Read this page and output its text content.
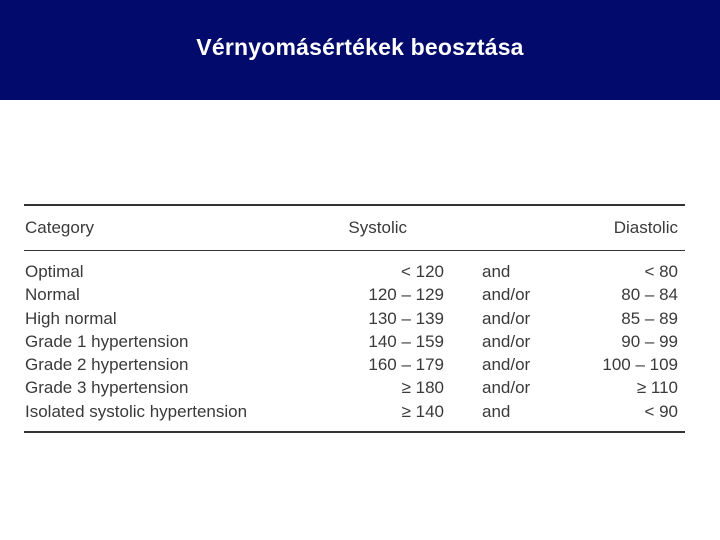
Vérnyomásértékek beosztása
Category	Systolic	Diastolic
Optimal	< 120 and	< 80
Normal	120 – 129 and/or	80 – 84
High normal	130 – 139 and/or	85 – 89
Grade 1 hypertension	140 – 159 and/or	90 – 99
Grade 2 hypertension	160 – 179 and/or	100 – 109
Grade 3 hypertension	≥ 180 and/or	≥ 110
Isolated systolic hypertension	≥ 140 and	< 90
